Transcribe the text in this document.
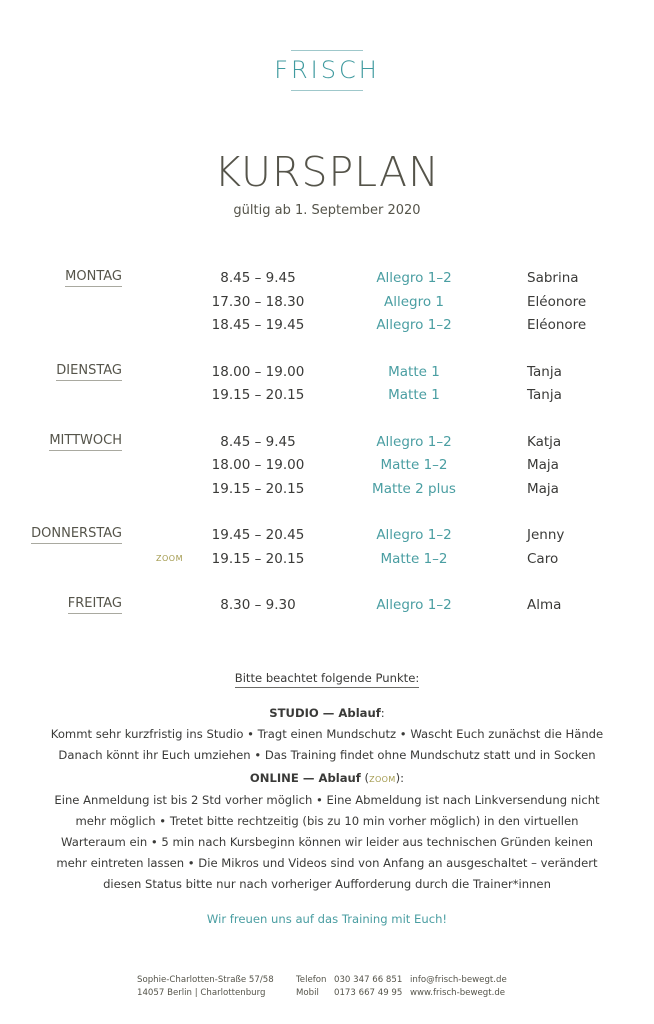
FRISCH
KURSPLAN
gültig ab 1. September 2020
MONTAG	8.45 – 9.45	Allegro 1–2	Sabrina
17.30 – 18.30	Allegro 1	Eléonore
18.45 – 19.45	Allegro 1–2	Eléonore
DIENSTAG	18.00 – 19.00	Matte 1	Tanja
19.15 – 20.15	Matte 1	Tanja
MITTWOCH	8.45 – 9.45	Allegro 1–2	Katja
18.00 – 19.00	Matte 1–2	Maja
19.15 – 20.15	Matte 2 plus	Maja
DONNERSTAG	19.45 – 20.45	Allegro 1–2	Jenny
ZOOM	19.15 – 20.15	Matte 1–2	Caro
FREITAG	8.30 – 9.30	Allegro 1–2	Alma
Bitte beachtet folgende Punkte:
STUDIO — Ablauf:
Kommt sehr kurzfristig ins Studio • Tragt einen Mundschutz • Wascht Euch zunächst die Hände
Danach könnt ihr Euch umziehen • Das Training findet ohne Mundschutz statt und in Socken
ONLINE — Ablauf (ZOOM):
Eine Anmeldung ist bis 2 Std vorher möglich • Eine Abmeldung ist nach Linkversendung nicht
mehr möglich • Tretet bitte rechtzeitig (bis zu 10 min vorher möglich) in den virtuellen
Warteraum ein • 5 min nach Kursbeginn können wir leider aus technischen Gründen keinen
mehr eintreten lassen • Die Mikros und Videos sind von Anfang an ausgeschaltet – verändert
diesen Status bitte nur nach vorheriger Aufforderung durch die Trainer*innen
Wir freuen uns auf das Training mit Euch!
Sophie-Charlotten-Straße 57/58
14057 Berlin | Charlottenburg
Telefon 030 347 66 851
Mobil 0173 667 49 95
info@frisch-bewegt.de
www.frisch-bewegt.de
